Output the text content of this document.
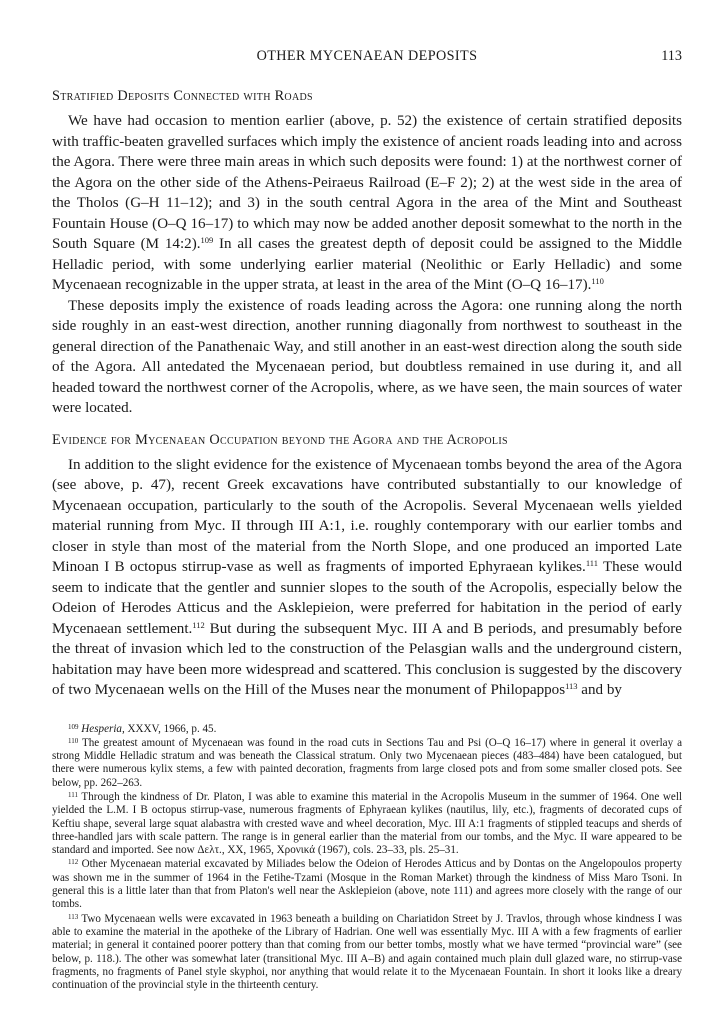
OTHER MYCENAEAN DEPOSITS	113
Stratified Deposits Connected with Roads

We have had occasion to mention earlier (above, p. 52) the existence of certain stratified deposits with traffic-beaten gravelled surfaces which imply the existence of ancient roads leading into and across the Agora. There were three main areas in which such deposits were found: 1) at the northwest corner of the Agora on the other side of the Athens-Peiraeus Railroad (E–F 2); 2) at the west side in the area of the Tholos (G–H 11–12); and 3) in the south central Agora in the area of the Mint and Southeast Fountain House (O–Q 16–17) to which may now be added another deposit somewhat to the north in the South Square (M 14:2).$^{109}$ In all cases the greatest depth of deposit could be assigned to the Middle Helladic period, with some underlying earlier material (Neolithic or Early Helladic) and some Mycenaean recognizable in the upper strata, at least in the area of the Mint (O–Q 16–17).$^{110}$

These deposits imply the existence of roads leading across the Agora: one running along the north side roughly in an east-west direction, another running diagonally from northwest to southeast in the general direction of the Panathenaic Way, and still another in an east-west direction along the south side of the Agora. All antedated the Mycenaean period, but doubtless remained in use during it, and all headed toward the northwest corner of the Acropolis, where, as we have seen, the main sources of water were located.

Evidence for Mycenaean Occupation beyond the Agora and the Acropolis

In addition to the slight evidence for the existence of Mycenaean tombs beyond the area of the Agora (see above, p. 47), recent Greek excavations have contributed substantially to our knowledge of Mycenaean occupation, particularly to the south of the Acropolis. Several Mycenaean wells yielded material running from Myc. II through III A:1, i.e. roughly contemporary with our earlier tombs and closer in style than most of the material from the North Slope, and one produced an imported Late Minoan I B octopus stirrup-vase as well as fragments of imported Ephyraean kylikes.$^{111}$ These would seem to indicate that the gentler and sunnier slopes to the south of the Acropolis, especially below the Odeion of Herodes Atticus and the Asklepieion, were preferred for habitation in the period of early Mycenaean settlement.$^{112}$ But during the subsequent Myc. III A and B periods, and presumably before the threat of invasion which led to the construction of the Pelasgian walls and the underground cistern, habitation may have been more widespread and scattered. This conclusion is suggested by the discovery of two Mycenaean wells on the Hill of the Muses near the monument of Philopappos$^{113}$ and by

$^{109}$ Hesperia, XXXV, 1966, p. 45.

$^{110}$ The greatest amount of Mycenaean was found in the road cuts in Sections Tau and Psi (O–Q 16–17) where in general it overlay a strong Middle Helladic stratum and was beneath the Classical stratum. Only two Mycenaean pieces (483–484) have been catalogued, but there were numerous kylix stems, a few with painted decoration, fragments from large closed pots and from some smaller closed pots. See below, pp. 262–263.

$^{111}$ Through the kindness of Dr. Platon, I was able to examine this material in the Acropolis Museum in the summer of 1964. One well yielded the L.M. I B octopus stirrup-vase, numerous fragments of Ephyraean kylikes (nautilus, lily, etc.), fragments of decorated cups of Keftiu shape, several large squat alabastra with crested wave and wheel decoration, Myc. III A:1 fragments of stippled teacups and sherds of three-handled jars with scale pattern. The range is in general earlier than the material from our tombs, and the Myc. II ware appeared to be standard and imported. See now Δελτ., XX, 1965, Χρονικά (1967), cols. 23–33, pls. 25–31.

$^{112}$ Other Mycenaean material excavated by Miliades below the Odeion of Herodes Atticus and by Dontas on the Angelopoulos property was shown me in the summer of 1964 in the Fetihe-Tzami (Mosque in the Roman Market) through the kindness of Miss Maro Tsoni. In general this is a little later than that from Platon's well near the Asklepieion (above, note 111) and agrees more closely with the range of our tombs.

$^{113}$ Two Mycenaean wells were excavated in 1963 beneath a building on Chariatidon Street by J. Travlos, through whose kindness I was able to examine the material in the apotheke of the Library of Hadrian. One well was essentially Myc. III A with a few fragments of earlier material; in general it contained poorer pottery than that coming from our better tombs, mostly what we have termed “provincial ware” (see below, p. 118.). The other was somewhat later (transitional Myc. III A–B) and again contained much plain dull glazed ware, no stirrup-vase fragments, no fragments of Panel style skyphoi, nor anything that would relate it to the Mycenaean Fountain. In short it looks like a dreary continuation of the provincial style in the thirteenth century.
